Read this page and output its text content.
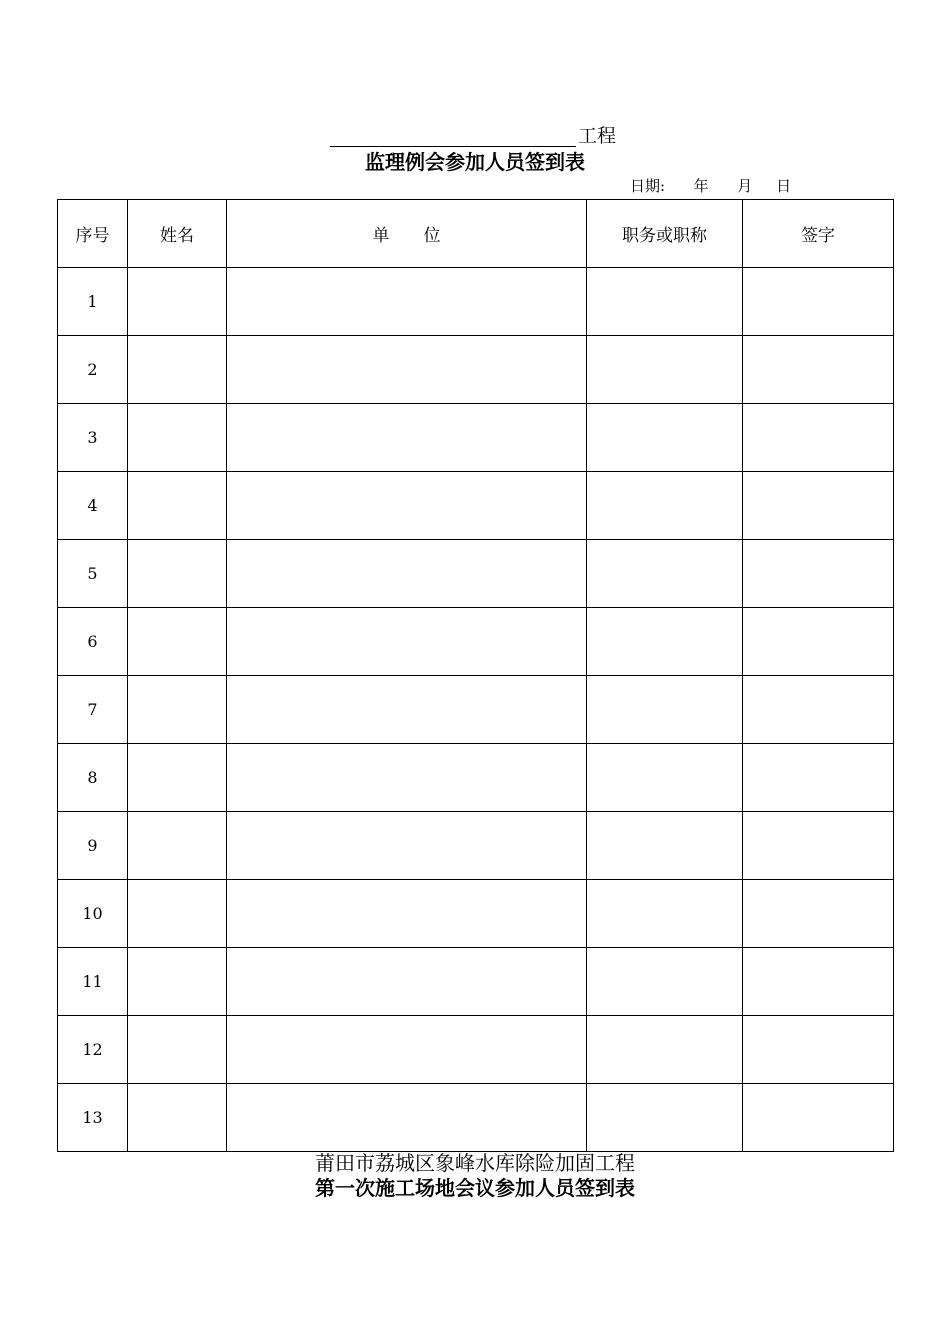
工程
监理例会参加人员签到表
日期:      年      月     日
序号	姓名	单　　位	职务或职称	签字
1				
2				
3				
4				
5				
6				
7				
8				
9				
10				
11				
12				
13				
莆田市荔城区象峰水库除险加固工程
第一次施工场地会议参加人员签到表
